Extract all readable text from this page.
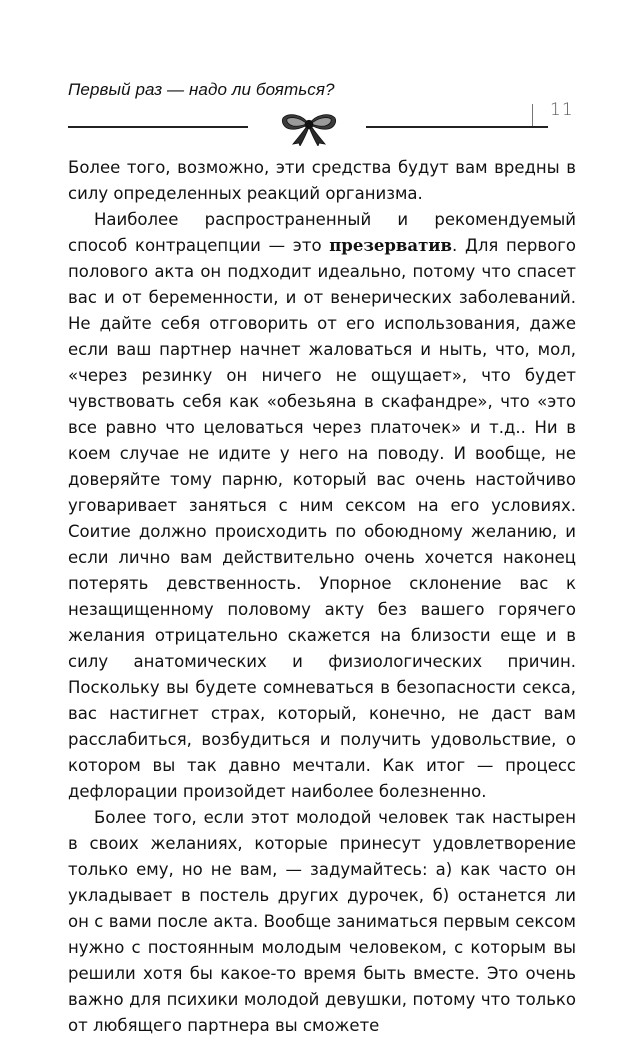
Первый раз — надо ли бояться?
11

Более того, возможно, эти средства будут вам вредны в силу определенных реакций организма.

Наиболее распространенный и рекомендуемый способ контрацепции — это презерватив. Для первого полового акта он подходит идеально, потому что спасет вас и от беременности, и от венерических заболеваний. Не дайте себя отговорить от его использования, даже если ваш партнер начнет жаловаться и ныть, что, мол, «через резинку он ничего не ощущает», что будет чувствовать себя как «обезьяна в скафандре», что «это все равно что целоваться через платочек» и т.д.. Ни в коем случае не идите у него на поводу. И вообще, не доверяйте тому парню, который вас очень настойчиво уговаривает заняться с ним сексом на его условиях. Соитие должно происходить по обоюдному желанию, и если лично вам действительно очень хочется наконец потерять девственность. Упорное склонение вас к незащищенному половому акту без вашего горячего желания отрицательно скажется на близости еще и в силу анатомических и физиологических причин. Поскольку вы будете сомневаться в безопасности секса, вас настигнет страх, который, конечно, не даст вам расслабиться, возбудиться и получить удовольствие, о котором вы так давно мечтали. Как итог — процесс дефлорации произойдет наиболее болезненно.

Более того, если этот молодой человек так настырен в своих желаниях, которые принесут удовлетворение только ему, но не вам, — задумайтесь: а) как часто он укладывает в постель других дурочек, б) останется ли он с вами после акта. Вообще заниматься первым сексом нужно с постоянным молодым человеком, с которым вы решили хотя бы какое-то время быть вместе. Это очень важно для психики молодой девушки, потому что только от любящего партнера вы сможете
